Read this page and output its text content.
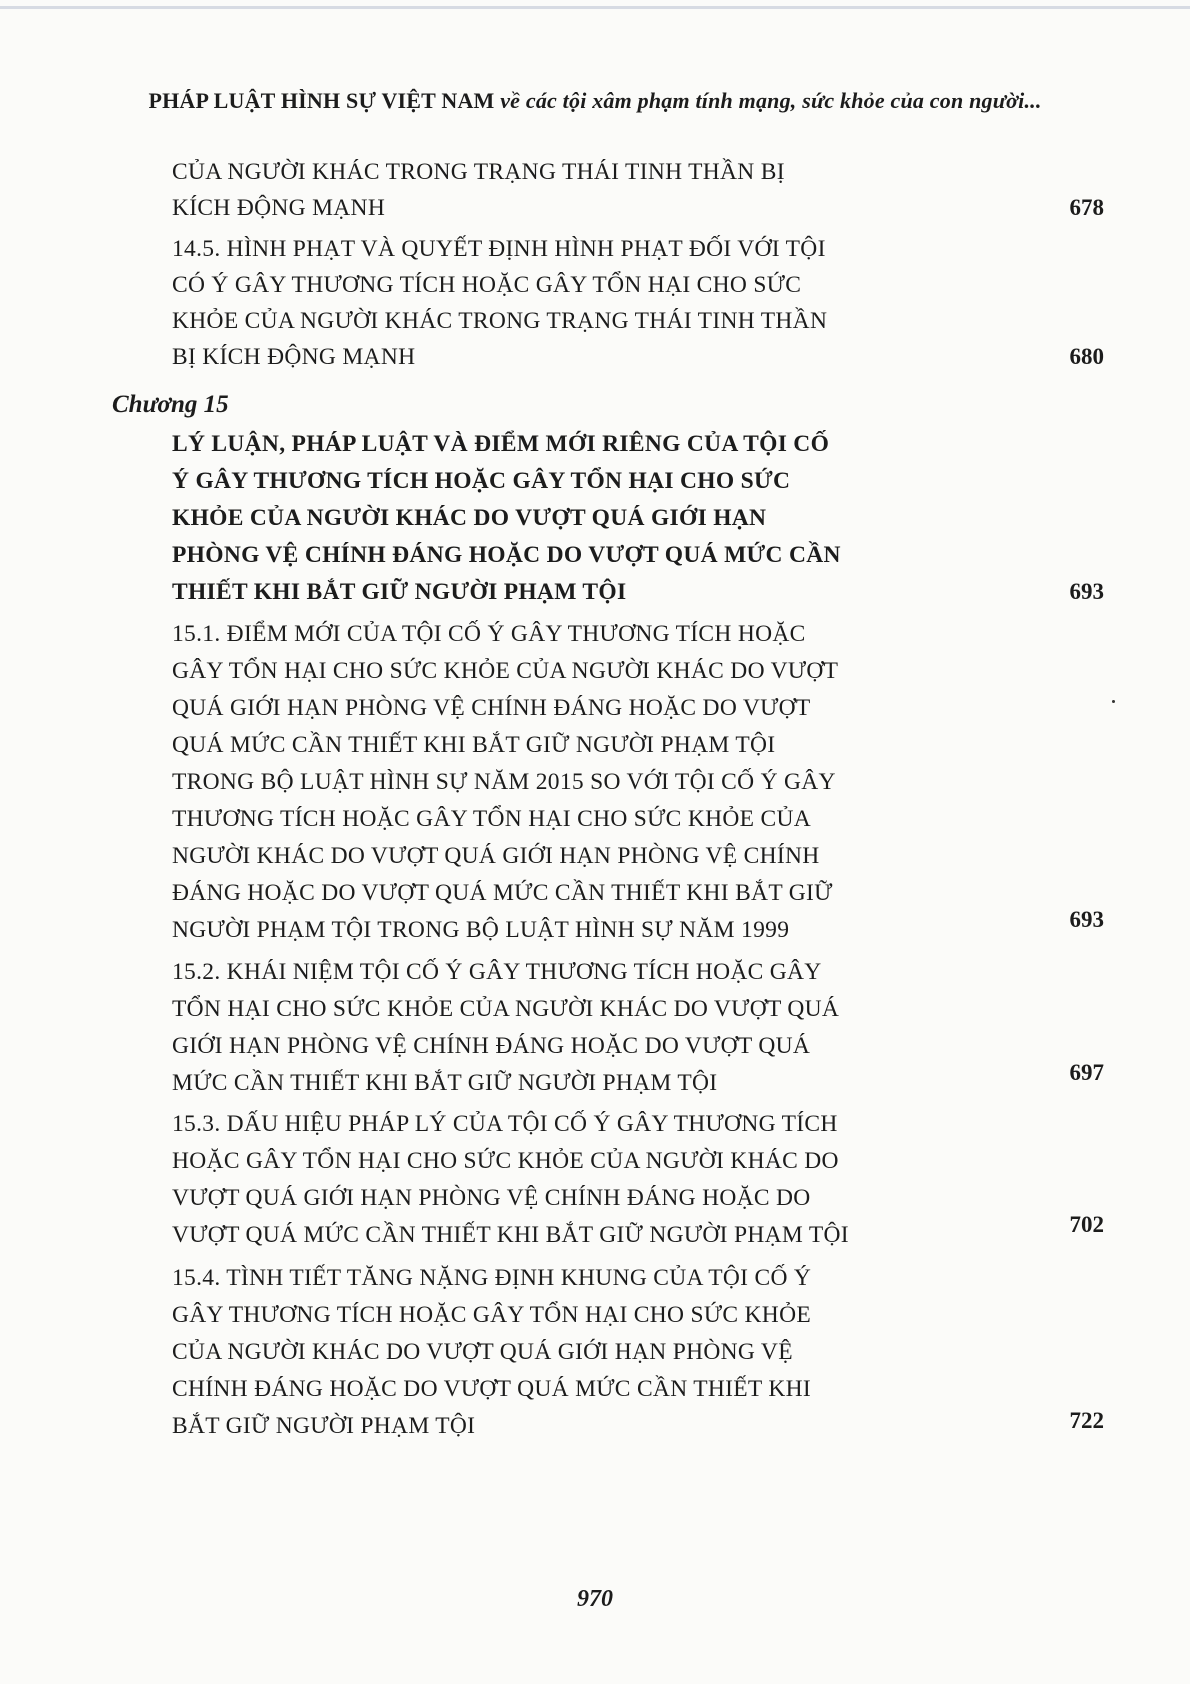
PHÁP LUẬT HÌNH SỰ VIỆT NAM về các tội xâm phạm tính mạng, sức khỏe của con người...
CỦA NGƯỜI KHÁC TRONG TRẠNG THÁI TINH THẦN BỊ
KÍCH ĐỘNG MẠNH	678
14.5. HÌNH PHẠT VÀ QUYẾT ĐỊNH HÌNH PHẠT ĐỐI VỚI TỘI
CÓ Ý GÂY THƯƠNG TÍCH HOẶC GÂY TỔN HẠI CHO SỨC
KHỎE CỦA NGƯỜI KHÁC TRONG TRẠNG THÁI TINH THẦN
BỊ KÍCH ĐỘNG MẠNH	680
Chương 15
LÝ LUẬN, PHÁP LUẬT VÀ ĐIỂM MỚI RIÊNG CỦA TỘI CỐ
Ý GÂY THƯƠNG TÍCH HOẶC GÂY TỔN HẠI CHO SỨC
KHỎE CỦA NGƯỜI KHÁC DO VƯỢT QUÁ GIỚI HẠN
PHÒNG VỆ CHÍNH ĐÁNG HOẶC DO VƯỢT QUÁ MỨC CẦN
THIẾT KHI BẮT GIỮ NGƯỜI PHẠM TỘI	693
15.1. ĐIỂM MỚI CỦA TỘI CỐ Ý GÂY THƯƠNG TÍCH HOẶC
GÂY TỔN HẠI CHO SỨC KHỎE CỦA NGƯỜI KHÁC DO VƯỢT
QUÁ GIỚI HẠN PHÒNG VỆ CHÍNH ĐÁNG HOẶC DO VƯỢT
QUÁ MỨC CẦN THIẾT KHI BẮT GIỮ NGƯỜI PHẠM TỘI
TRONG BỘ LUẬT HÌNH SỰ NĂM 2015 SO VỚI TỘI CỐ Ý GÂY
THƯƠNG TÍCH HOẶC GÂY TỔN HẠI CHO SỨC KHỎE CỦA
NGƯỜI KHÁC DO VƯỢT QUÁ GIỚI HẠN PHÒNG VỆ CHÍNH
ĐÁNG HOẶC DO VƯỢT QUÁ MỨC CẦN THIẾT KHI BẮT GIỮ
NGƯỜI PHẠM TỘI TRONG BỘ LUẬT HÌNH SỰ NĂM 1999	693
15.2. KHÁI NIỆM TỘI CỐ Ý GÂY THƯƠNG TÍCH HOẶC GÂY
TỔN HẠI CHO SỨC KHỎE CỦA NGƯỜI KHÁC DO VƯỢT QUÁ
GIỚI HẠN PHÒNG VỆ CHÍNH ĐÁNG HOẶC DO VƯỢT QUÁ
MỨC CẦN THIẾT KHI BẮT GIỮ NGƯỜI PHẠM TỘI	697
15.3. DẤU HIỆU PHÁP LÝ CỦA TỘI CỐ Ý GÂY THƯƠNG TÍCH
HOẶC GÂY TỔN HẠI CHO SỨC KHỎE CỦA NGƯỜI KHÁC DO
VƯỢT QUÁ GIỚI HẠN PHÒNG VỆ CHÍNH ĐÁNG HOẶC DO
VƯỢT QUÁ MỨC CẦN THIẾT KHI BẮT GIỮ NGƯỜI PHẠM TỘI	702
15.4. TÌNH TIẾT TĂNG NẶNG ĐỊNH KHUNG CỦA TỘI CỐ Ý
GÂY THƯƠNG TÍCH HOẶC GÂY TỔN HẠI CHO SỨC KHỎE
CỦA NGƯỜI KHÁC DO VƯỢT QUÁ GIỚI HẠN PHÒNG VỆ
CHÍNH ĐÁNG HOẶC DO VƯỢT QUÁ MỨC CẦN THIẾT KHI
BẮT GIỮ NGƯỜI PHẠM TỘI	722
970
